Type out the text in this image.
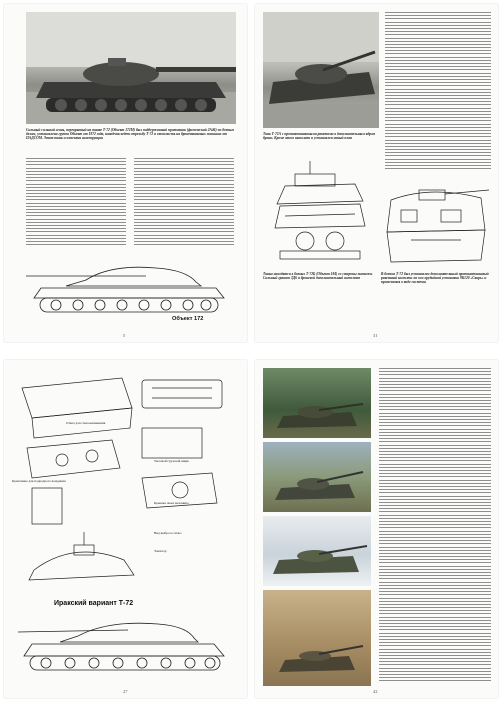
Сильный сильный огонь, перекрытый на танке Т-72 (Объект 172М) был поддержанный противник (физический 2А46) по боевым делам, установлена группа Объект от 1972 года, наводчик ведет стрельбу Т-72 и стоимость на бронетанковых машинах от ПАДСОМ. Этот танк и изменена конструкции
Объект 172
5
Танк Т-72А с противотанковыми ракетами в дополнительным ядром брони. Кроме этого выполнен и установлен новый план
Танки находятся в боевых Т-72Б (Объект 184) со стороны экипажа. Сильный гранит 3Д6 и броневой дополнительный комплект
В боевом Т-72 был установлен дополнительный противотанковый ракетный комплекс по оси орудийной установки 9К120 «Свирь» и применения в виде системы
31
Отвал для самоокапывания
Крепление для подводного вождения
Тыловой грузовой ящик
Крышка люка механика
Вид выброса гильз
Эжектор
Иракский вариант Т-72
27	42
